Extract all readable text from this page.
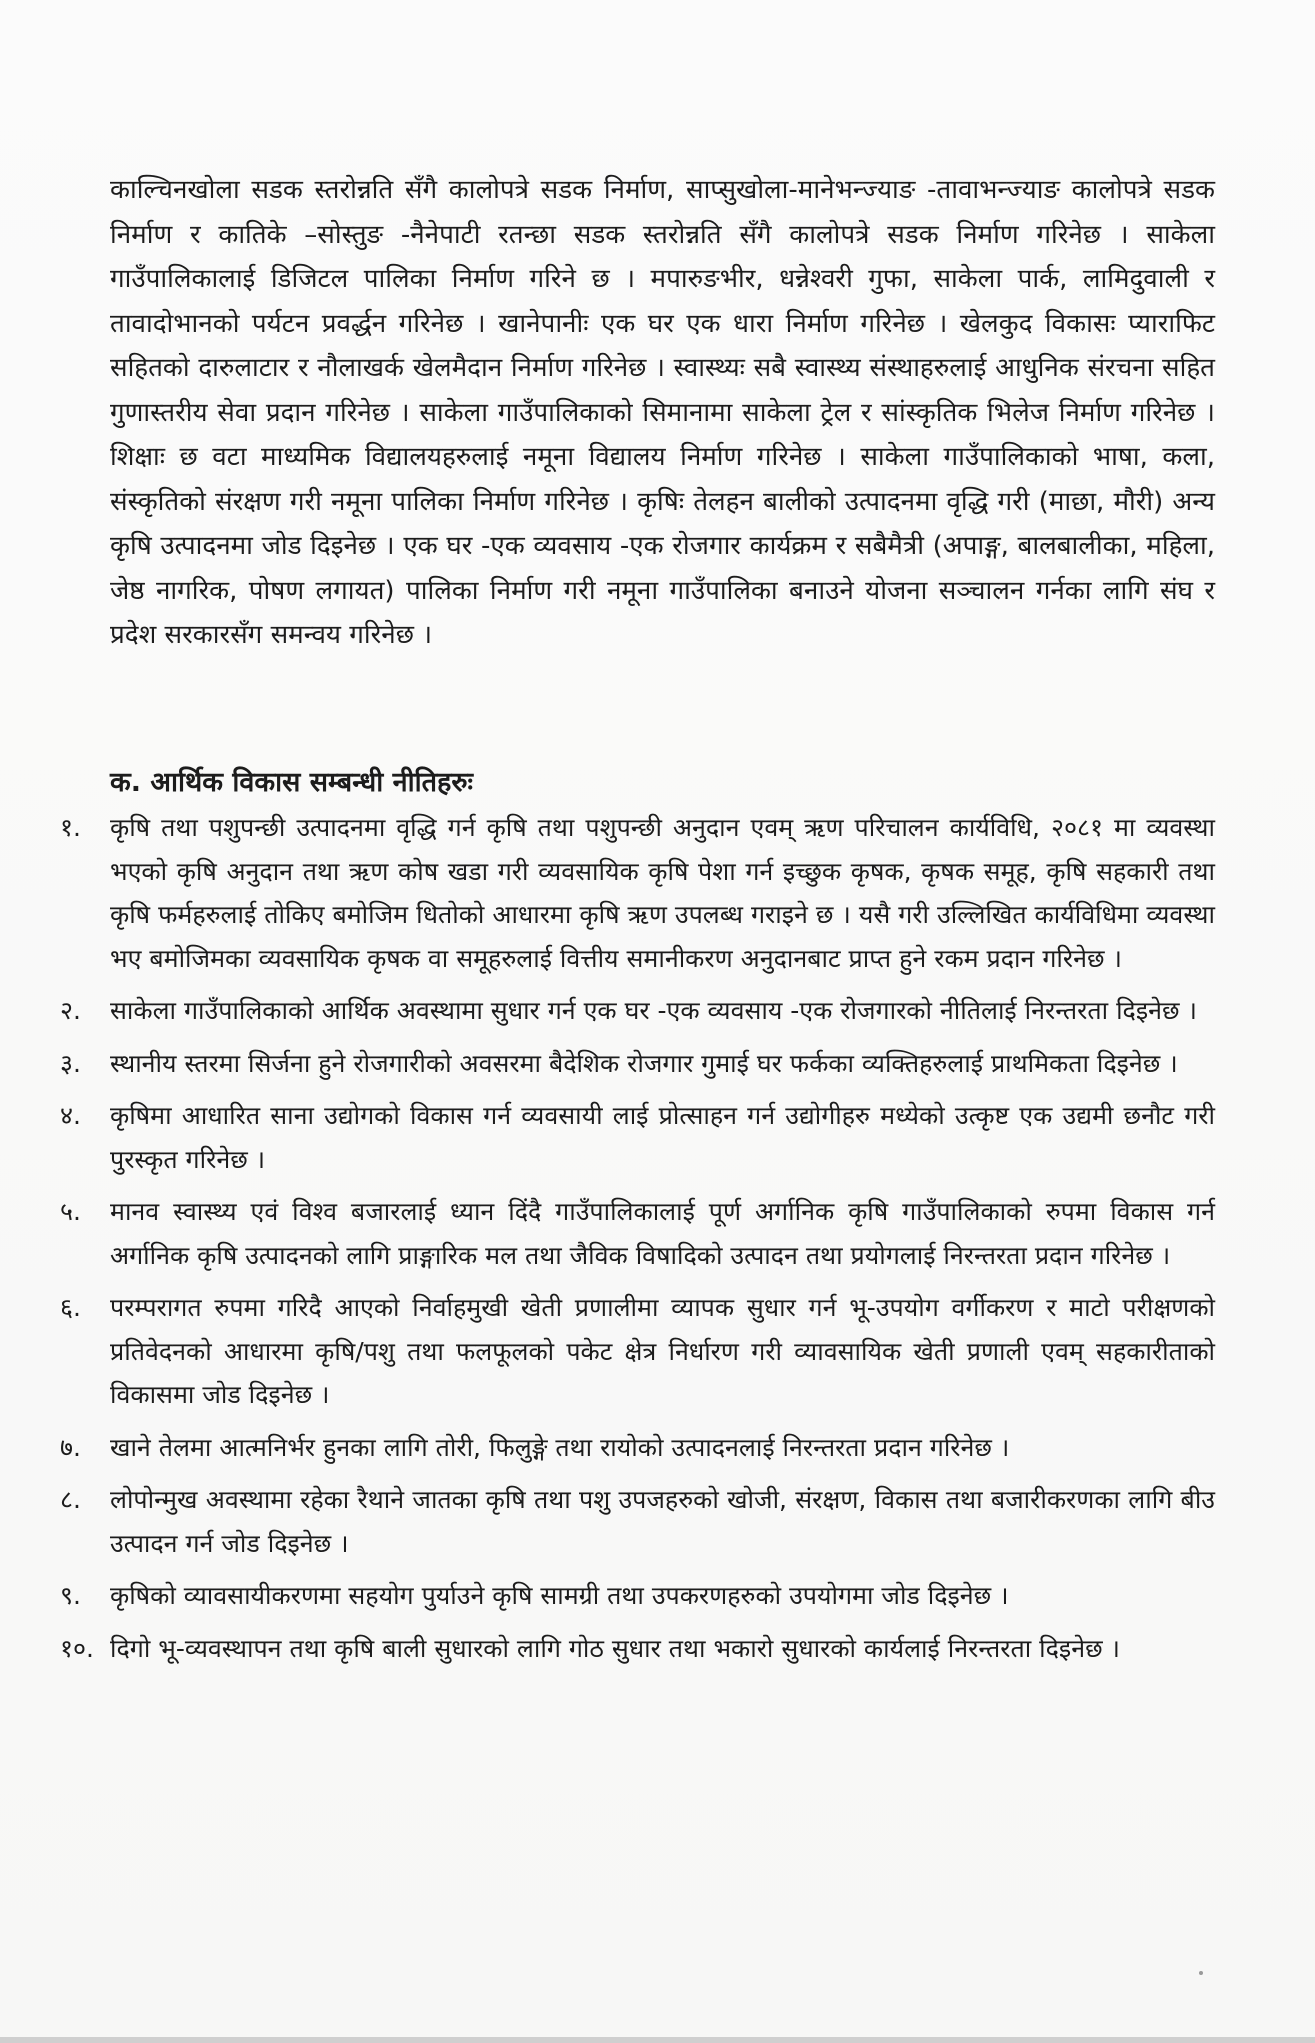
काल्चिनखोला सडक स्तरोन्नति सँगै कालोपत्रे सडक निर्माण, साप्सुखोला-मानेभन्ज्याङ -तावाभन्ज्याङ कालोपत्रे सडक निर्माण र कातिके –सोस्तुङ -नैनेपाटी रतन्छा सडक स्तरोन्नति सँगै कालोपत्रे सडक निर्माण गरिनेछ । साकेला गाउँपालिकालाई डिजिटल पालिका निर्माण गरिने छ । मपारुङभीर, धन्नेश्वरी गुफा, साकेला पार्क, लामिदुवाली र तावादोभानको पर्यटन प्रवर्द्धन गरिनेछ । खानेपानीः एक घर एक धारा निर्माण गरिनेछ । खेलकुद विकासः प्याराफिट सहितको दारुलाटार र नौलाखर्क खेलमैदान निर्माण गरिनेछ । स्वास्थ्यः सबै स्वास्थ्य संस्थाहरुलाई आधुनिक संरचना सहित गुणास्तरीय सेवा प्रदान गरिनेछ । साकेला गाउँपालिकाको सिमानामा साकेला ट्रेल र सांस्कृतिक भिलेज निर्माण गरिनेछ । शिक्षाः छ वटा माध्यमिक विद्यालयहरुलाई नमूना विद्यालय निर्माण गरिनेछ । साकेला गाउँपालिकाको भाषा, कला, संस्कृतिको संरक्षण गरी नमूना पालिका निर्माण गरिनेछ । कृषिः तेलहन बालीको उत्पादनमा वृद्धि गरी (माछा, मौरी) अन्य कृषि उत्पादनमा जोड दिइनेछ । एक घर -एक व्यवसाय -एक रोजगार कार्यक्रम र सबैमैत्री (अपाङ्ग, बालबालीका, महिला, जेष्ठ नागरिक, पोषण लगायत) पालिका निर्माण गरी नमूना गाउँपालिका बनाउने योजना सञ्चालन गर्नका लागि संघ र प्रदेश सरकारसँग समन्वय गरिनेछ ।

क. आर्थिक विकास सम्बन्धी नीतिहरुः
१.	कृषि तथा पशुपन्छी उत्पादनमा वृद्धि गर्न कृषि तथा पशुपन्छी अनुदान एवम् ऋण परिचालन कार्यविधि, २०८१ मा व्यवस्था भएको कृषि अनुदान तथा ऋण कोष खडा गरी व्यवसायिक कृषि पेशा गर्न इच्छुक कृषक, कृषक समूह, कृषि सहकारी तथा कृषि फर्महरुलाई तोकिए बमोजिम धितोको आधारमा कृषि ऋण उपलब्ध गराइने छ । यसै गरी उल्लिखित कार्यविधिमा व्यवस्था भए बमोजिमका व्यवसायिक कृषक वा समूहरुलाई वित्तीय समानीकरण अनुदानबाट प्राप्त हुने रकम प्रदान गरिनेछ ।
२.	साकेला गाउँपालिकाको आर्थिक अवस्थामा सुधार गर्न एक घर -एक व्यवसाय -एक रोजगारको नीतिलाई निरन्तरता दिइनेछ ।
३.	स्थानीय स्तरमा सिर्जना हुने रोजगारीको अवसरमा बैदेशिक रोजगार गुमाई घर फर्कका व्यक्तिहरुलाई प्राथमिकता दिइनेछ ।
४.	कृषिमा आधारित साना उद्योगको विकास गर्न व्यवसायी लाई प्रोत्साहन गर्न उद्योगीहरु मध्येको उत्कृष्ट एक उद्यमी छनौट गरी पुरस्कृत गरिनेछ ।
५.	मानव स्वास्थ्य एवं विश्व बजारलाई ध्यान दिंदै गाउँपालिकालाई पूर्ण अर्गानिक कृषि गाउँपालिकाको रुपमा विकास गर्न अर्गानिक कृषि उत्पादनको लागि प्राङ्गारिक मल तथा जैविक विषादिको उत्पादन तथा प्रयोगलाई निरन्तरता प्रदान गरिनेछ ।
६.	परम्परागत रुपमा गरिदै आएको निर्वाहमुखी खेती प्रणालीमा व्यापक सुधार गर्न भू-उपयोग वर्गीकरण र माटो परीक्षणको प्रतिवेदनको आधारमा कृषि/पशु तथा फलफूलको पकेट क्षेत्र निर्धारण गरी व्यावसायिक खेती प्रणाली एवम् सहकारीताको विकासमा जोड दिइनेछ ।
७.	खाने तेलमा आत्मनिर्भर हुनका लागि तोरी, फिलुङ्गे तथा रायोको उत्पादनलाई निरन्तरता प्रदान गरिनेछ ।
८.	लोपोन्मुख अवस्थामा रहेका रैथाने जातका कृषि तथा पशु उपजहरुको खोजी, संरक्षण, विकास तथा बजारीकरणका लागि बीउ उत्पादन गर्न जोड दिइनेछ ।
९.	कृषिको व्यावसायीकरणमा सहयोग पुर्याउने कृषि सामग्री तथा उपकरणहरुको उपयोगमा जोड दिइनेछ ।
१०. दिगो भू-व्यवस्थापन तथा कृषि बाली सुधारको लागि गोठ सुधार तथा भकारो सुधारको कार्यलाई निरन्तरता दिइनेछ ।
